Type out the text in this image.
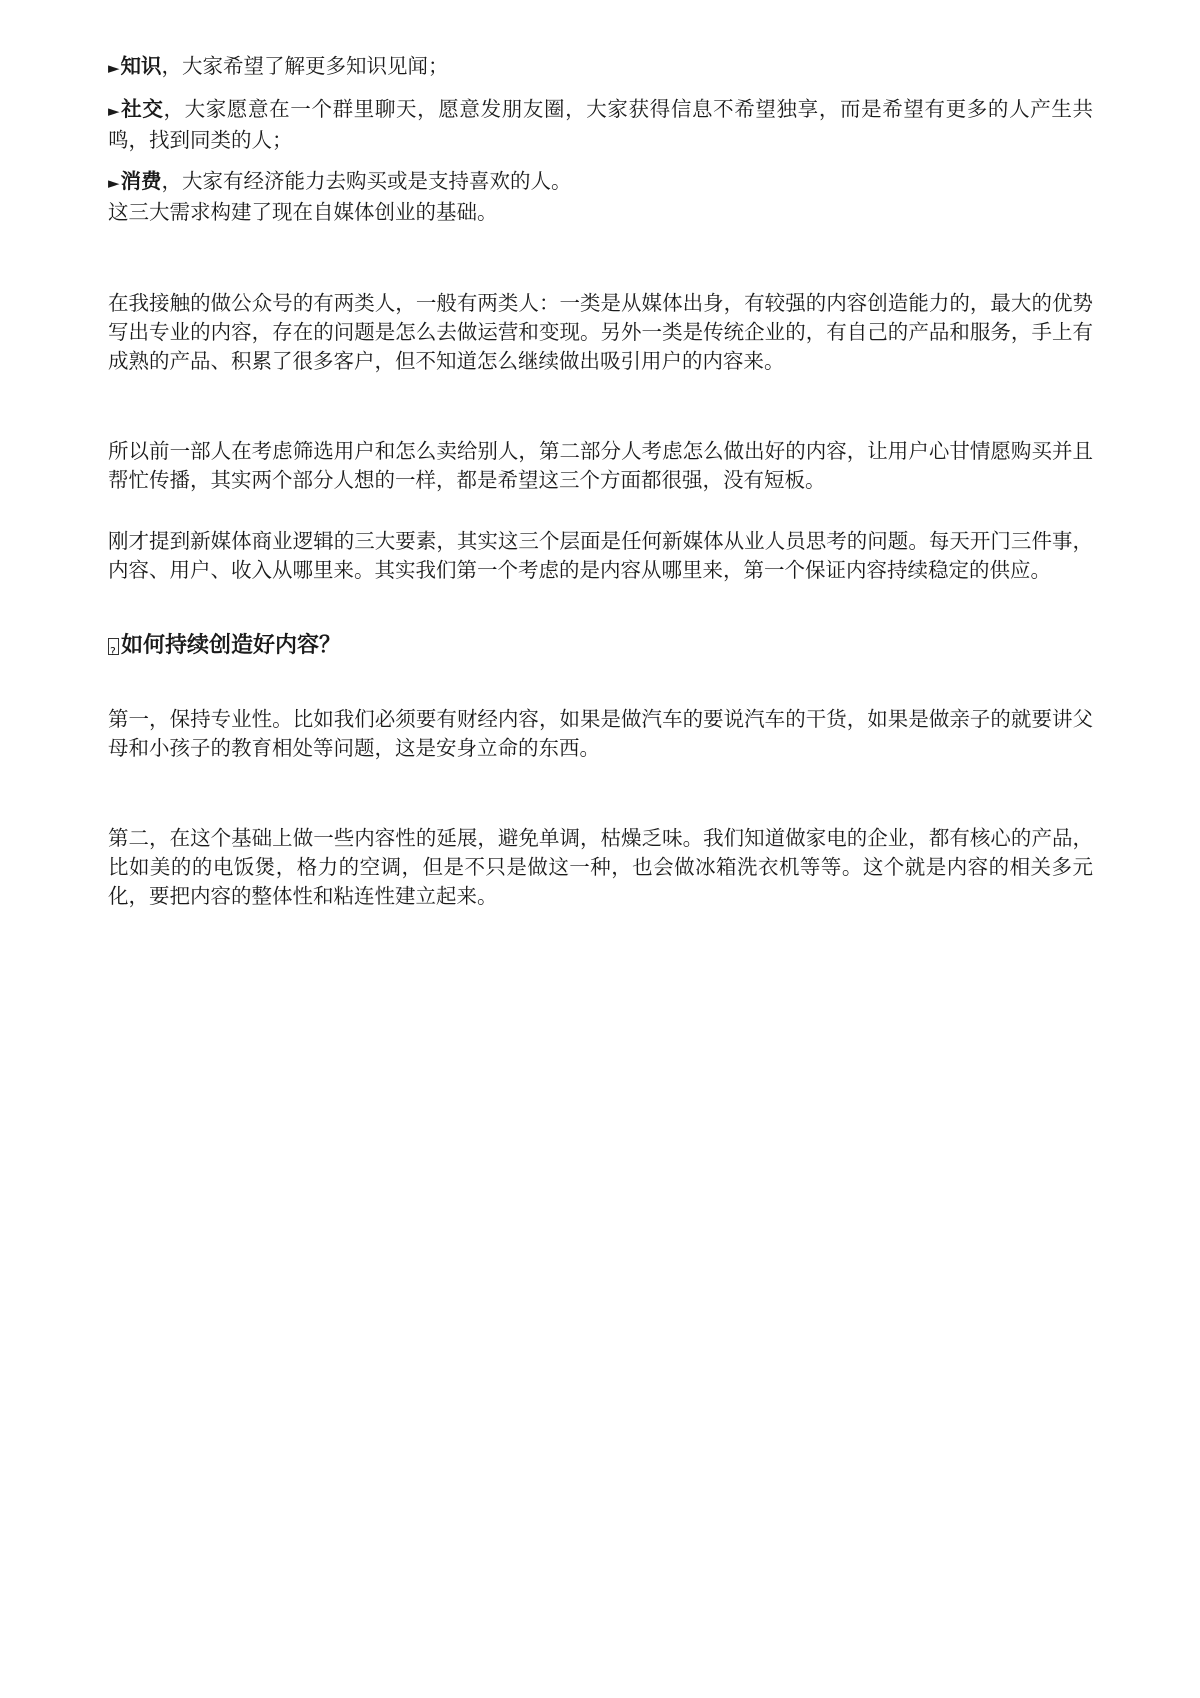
►知识，大家希望了解更多知识见闻；

►社交，大家愿意在一个群里聊天，愿意发朋友圈，大家获得信息不希望独享，而是希望有更多的人产生共鸣，找到同类的人；

►消费，大家有经济能力去购买或是支持喜欢的人。

这三大需求构建了现在自媒体创业的基础。

在我接触的做公众号的有两类人，一般有两类人：一类是从媒体出身，有较强的内容创造能力的，最大的优势写出专业的内容，存在的问题是怎么去做运营和变现。另外一类是传统企业的，有自己的产品和服务，手上有成熟的产品、积累了很多客户，但不知道怎么继续做出吸引用户的内容来。

所以前一部人在考虑筛选用户和怎么卖给别人，第二部分人考虑怎么做出好的内容，让用户心甘情愿购买并且帮忙传播，其实两个部分人想的一样，都是希望这三个方面都很强，没有短板。

刚才提到新媒体商业逻辑的三大要素，其实这三个层面是任何新媒体从业人员思考的问题。每天开门三件事，内容、用户、收入从哪里来。其实我们第一个考虑的是内容从哪里来，第一个保证内容持续稳定的供应。

?
如何持续创造好内容？

第一，保持专业性。比如我们必须要有财经内容，如果是做汽车的要说汽车的干货，如果是做亲子的就要讲父母和小孩子的教育相处等问题，这是安身立命的东西。

第二，在这个基础上做一些内容性的延展，避免单调，枯燥乏味。我们知道做家电的企业，都有核心的产品，比如美的的电饭煲，格力的空调，但是不只是做这一种，也会做冰箱洗衣机等等。这个就是内容的相关多元化，要把内容的整体性和粘连性建立起来。
